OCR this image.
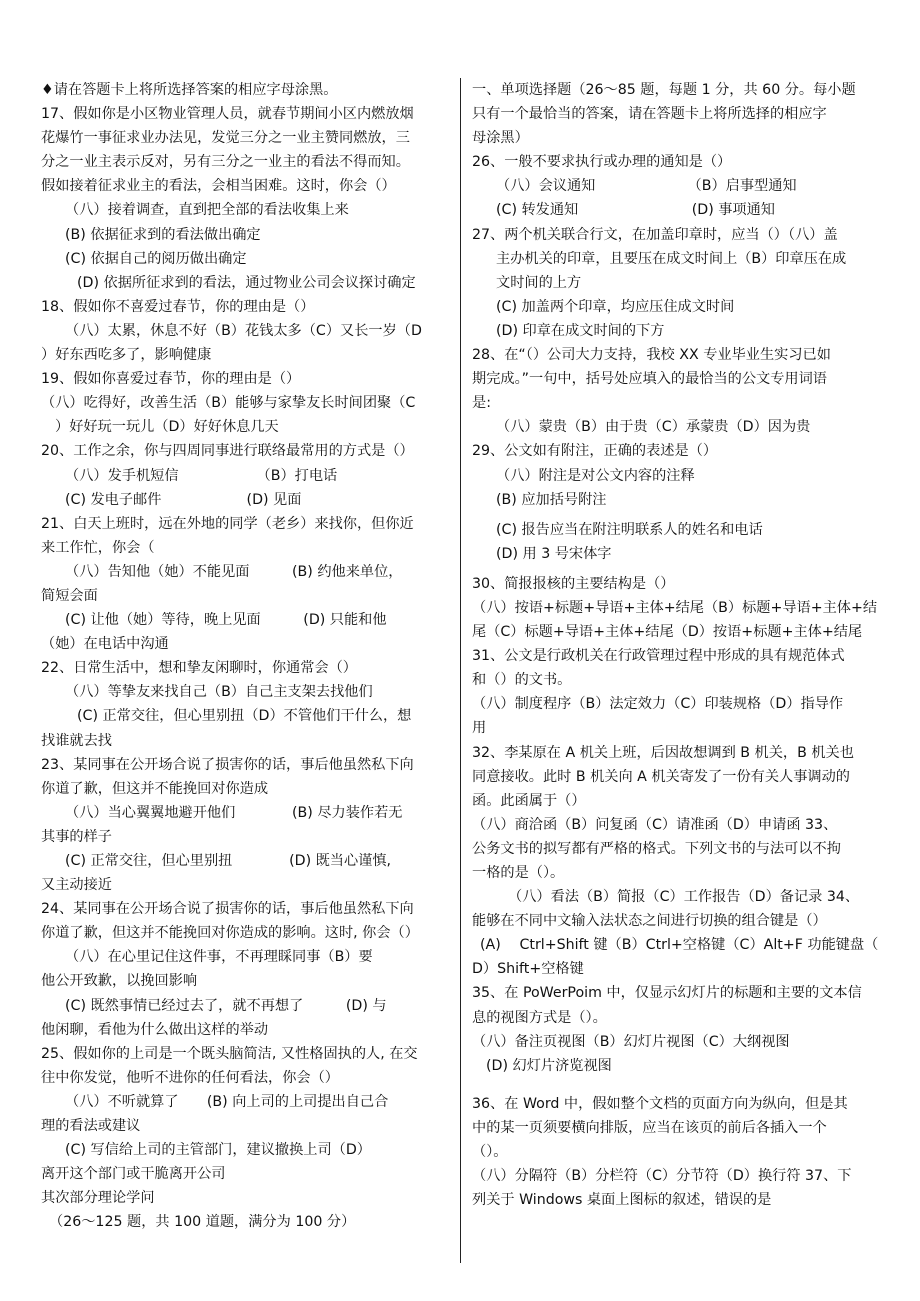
♦请在答题卡上将所选择答案的相应字母涂黑。
17、假如你是小区物业管理人员，就春节期间小区内燃放烟
花爆竹一事征求业办法见，发觉三分之一业主赞同燃放，三
分之一业主表示反对，另有三分之一业主的看法不得而知。
假如接着征求业主的看法，会相当困难。这时，你会（）
（八）接着调查，直到把全部的看法收集上来
(B) 依据征求到的看法做出确定
(C) 依据自己的阅历做出确定
(D) 依据所征求到的看法，通过物业公司会议探讨确定
18、假如你不喜爱过春节，你的理由是（）
（八）太累，休息不好（B）花钱太多（C）又长一岁（D
）好东西吃多了，影响健康
19、假如你喜爱过春节，你的理由是（）
（八）吃得好，改善生活（B）能够与家挚友长时间团聚（C
）好好玩一玩儿（D）好好休息几天
20、工作之余，你与四周同事进行联络最常用的方式是（）
（八）发手机短信　　　　　　（B）打电话
(C) 发电子邮件　　　　　　(D) 见面
21、白天上班时，远在外地的同学（老乡）来找你，但你近
来工作忙，你会（
（八）告知他（她）不能见面　　　(B) 约他来单位，
简短会面
(C) 让他（她）等待，晚上见面　　　(D) 只能和他
（她）在电话中沟通
22、日常生活中，想和挚友闲聊时，你通常会（）
（八）等挚友来找自己（B）自己主支架去找他们
(C) 正常交往，但心里别扭（D）不管他们干什么，想
找谁就去找
23、某同事在公开场合说了损害你的话，事后他虽然私下向
你道了歉，但这并不能挽回对你造成
（八）当心翼翼地避开他们　　　　(B) 尽力装作若无
其事的样子
(C) 正常交往，但心里别扭　　　　(D) 既当心谨慎,
又主动接近
24、某同事在公开场合说了损害你的话，事后他虽然私下向
你道了歉，但这并不能挽回对你造成的影响。这时, 你会（）
（八）在心里记住这件事，不再理睬同事（B）要
他公开致歉，以挽回影响
(C) 既然事情已经过去了，就不再想了　　　(D) 与
他闲聊，看他为什么做出这样的举动
25、假如你的上司是一个既头脑简洁, 又性格固执的人, 在交
往中你发觉，他听不进你的任何看法，你会（）
（八）不听就算了　　(B) 向上司的上司提出自己合
理的看法或建议
(C) 写信给上司的主管部门，建议撤换上司（D）
离开这个部门或干脆离开公司
其次部分理论学问
（26～125 题，共 100 道题，满分为 100 分）
一、单项选择题（26～85 题，每题 1 分，共 60 分。每小题
只有一个最恰当的答案，请在答题卡上将所选择的相应字
母涂黑）
26、一般不要求执行或办理的通知是（）
（八）会议通知　　　　　　　（B）启事型通知
(C) 转发通知　　　　　　　　(D) 事项通知
27、两个机关联合行文，在加盖印章时，应当（）（八）盖
主办机关的印章，且要压在成文时间上（B）印章压在成
文时间的上方
(C) 加盖两个印章，均应压住成文时间
(D) 印章在成文时间的下方
28、在“（）公司大力支持，我校 XX 专业毕业生实习已如
期完成。”一句中，括号处应填入的最恰当的公文专用词语
是:
（八）蒙贵（B）由于贵（C）承蒙贵（D）因为贵
29、公文如有附注，正确的表述是（）
（八）附注是对公文内容的注释
(B) 应加括号附注
(C) 报告应当在附注明联系人的姓名和电话
(D) 用 3 号宋体字
30、简报报核的主要结构是（）
（八）按语+标题+导语+主体+结尾（B）标题+导语+主体+结
尾（C）标题+导语+主体+结尾（D）按语+标题+主体+结尾
31、公文是行政机关在行政管理过程中形成的具有规范体式
和（）的文书。
（八）制度程序（B）法定效力（C）印装规格（D）指导作
用
32、李某原在 A 机关上班，后因故想调到 B 机关，B 机关也
同意接收。此时 B 机关向 A 机关寄发了一份有关人事调动的
函。此函属于（）
（八）商洽函（B）问复函（C）请准函（D）申请函 33、
公务文书的拟写都有严格的格式。下列文书的与法可以不拘
一格的是（）。
（八）看法（B）简报（C）工作报告（D）备记录 34、
能够在不同中文输入法状态之间进行切换的组合键是（）
(A)　 Ctrl+Shift 键（B）Ctrl+空格键（C）Alt+F 功能键盘（
D）Shift+空格键
35、在 PoWerPoim 中，仅显示幻灯片的标题和主要的文本信
息的视图方式是（）。
（八）备注页视图（B）幻灯片视图（C）大纲视图
(D) 幻灯片济览视图
36、在 Word 中，假如整个文档的页面方向为纵向，但是其
中的某一页须要横向排版，应当在该页的前后各插入一个
（）。
（八）分隔符（B）分栏符（C）分节符（D）换行符 37、下
列关于 Windows 桌面上图标的叙述，错误的是
